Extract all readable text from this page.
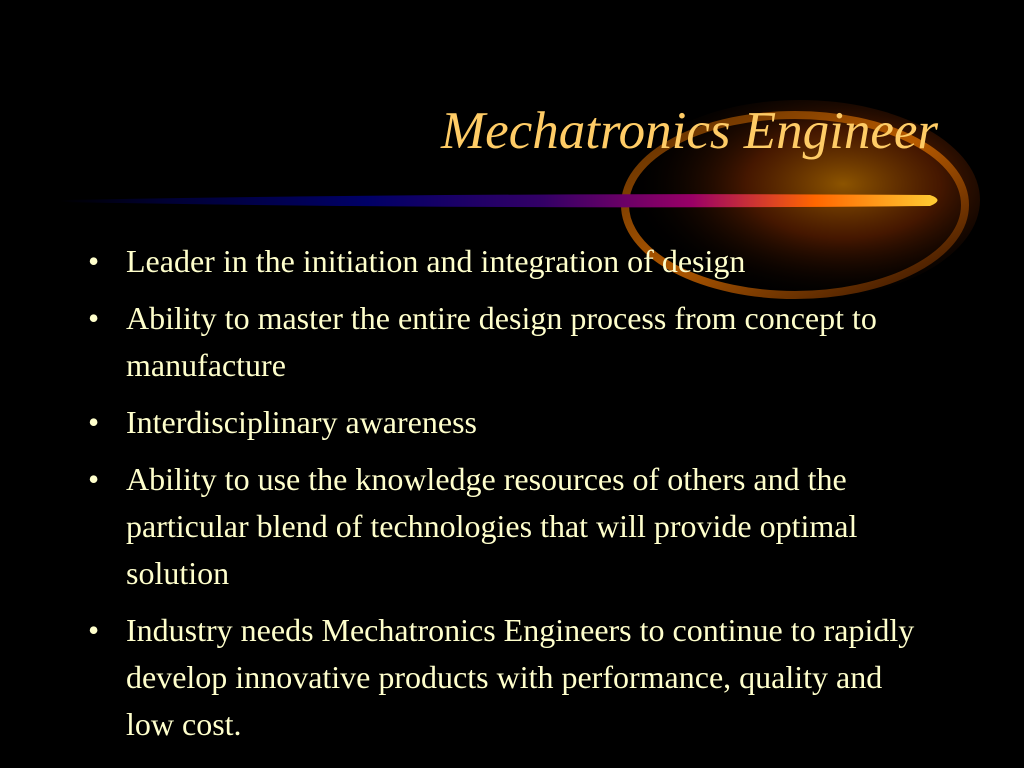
Mechatronics Engineer
• Leader in the initiation and integration of design
• Ability to master the entire design process from concept to manufacture
• Interdisciplinary awareness
• Ability to use the knowledge resources of others and the particular blend of technologies that will provide optimal solution
• Industry needs Mechatronics Engineers to continue to rapidly develop innovative products with performance, quality and low cost.
